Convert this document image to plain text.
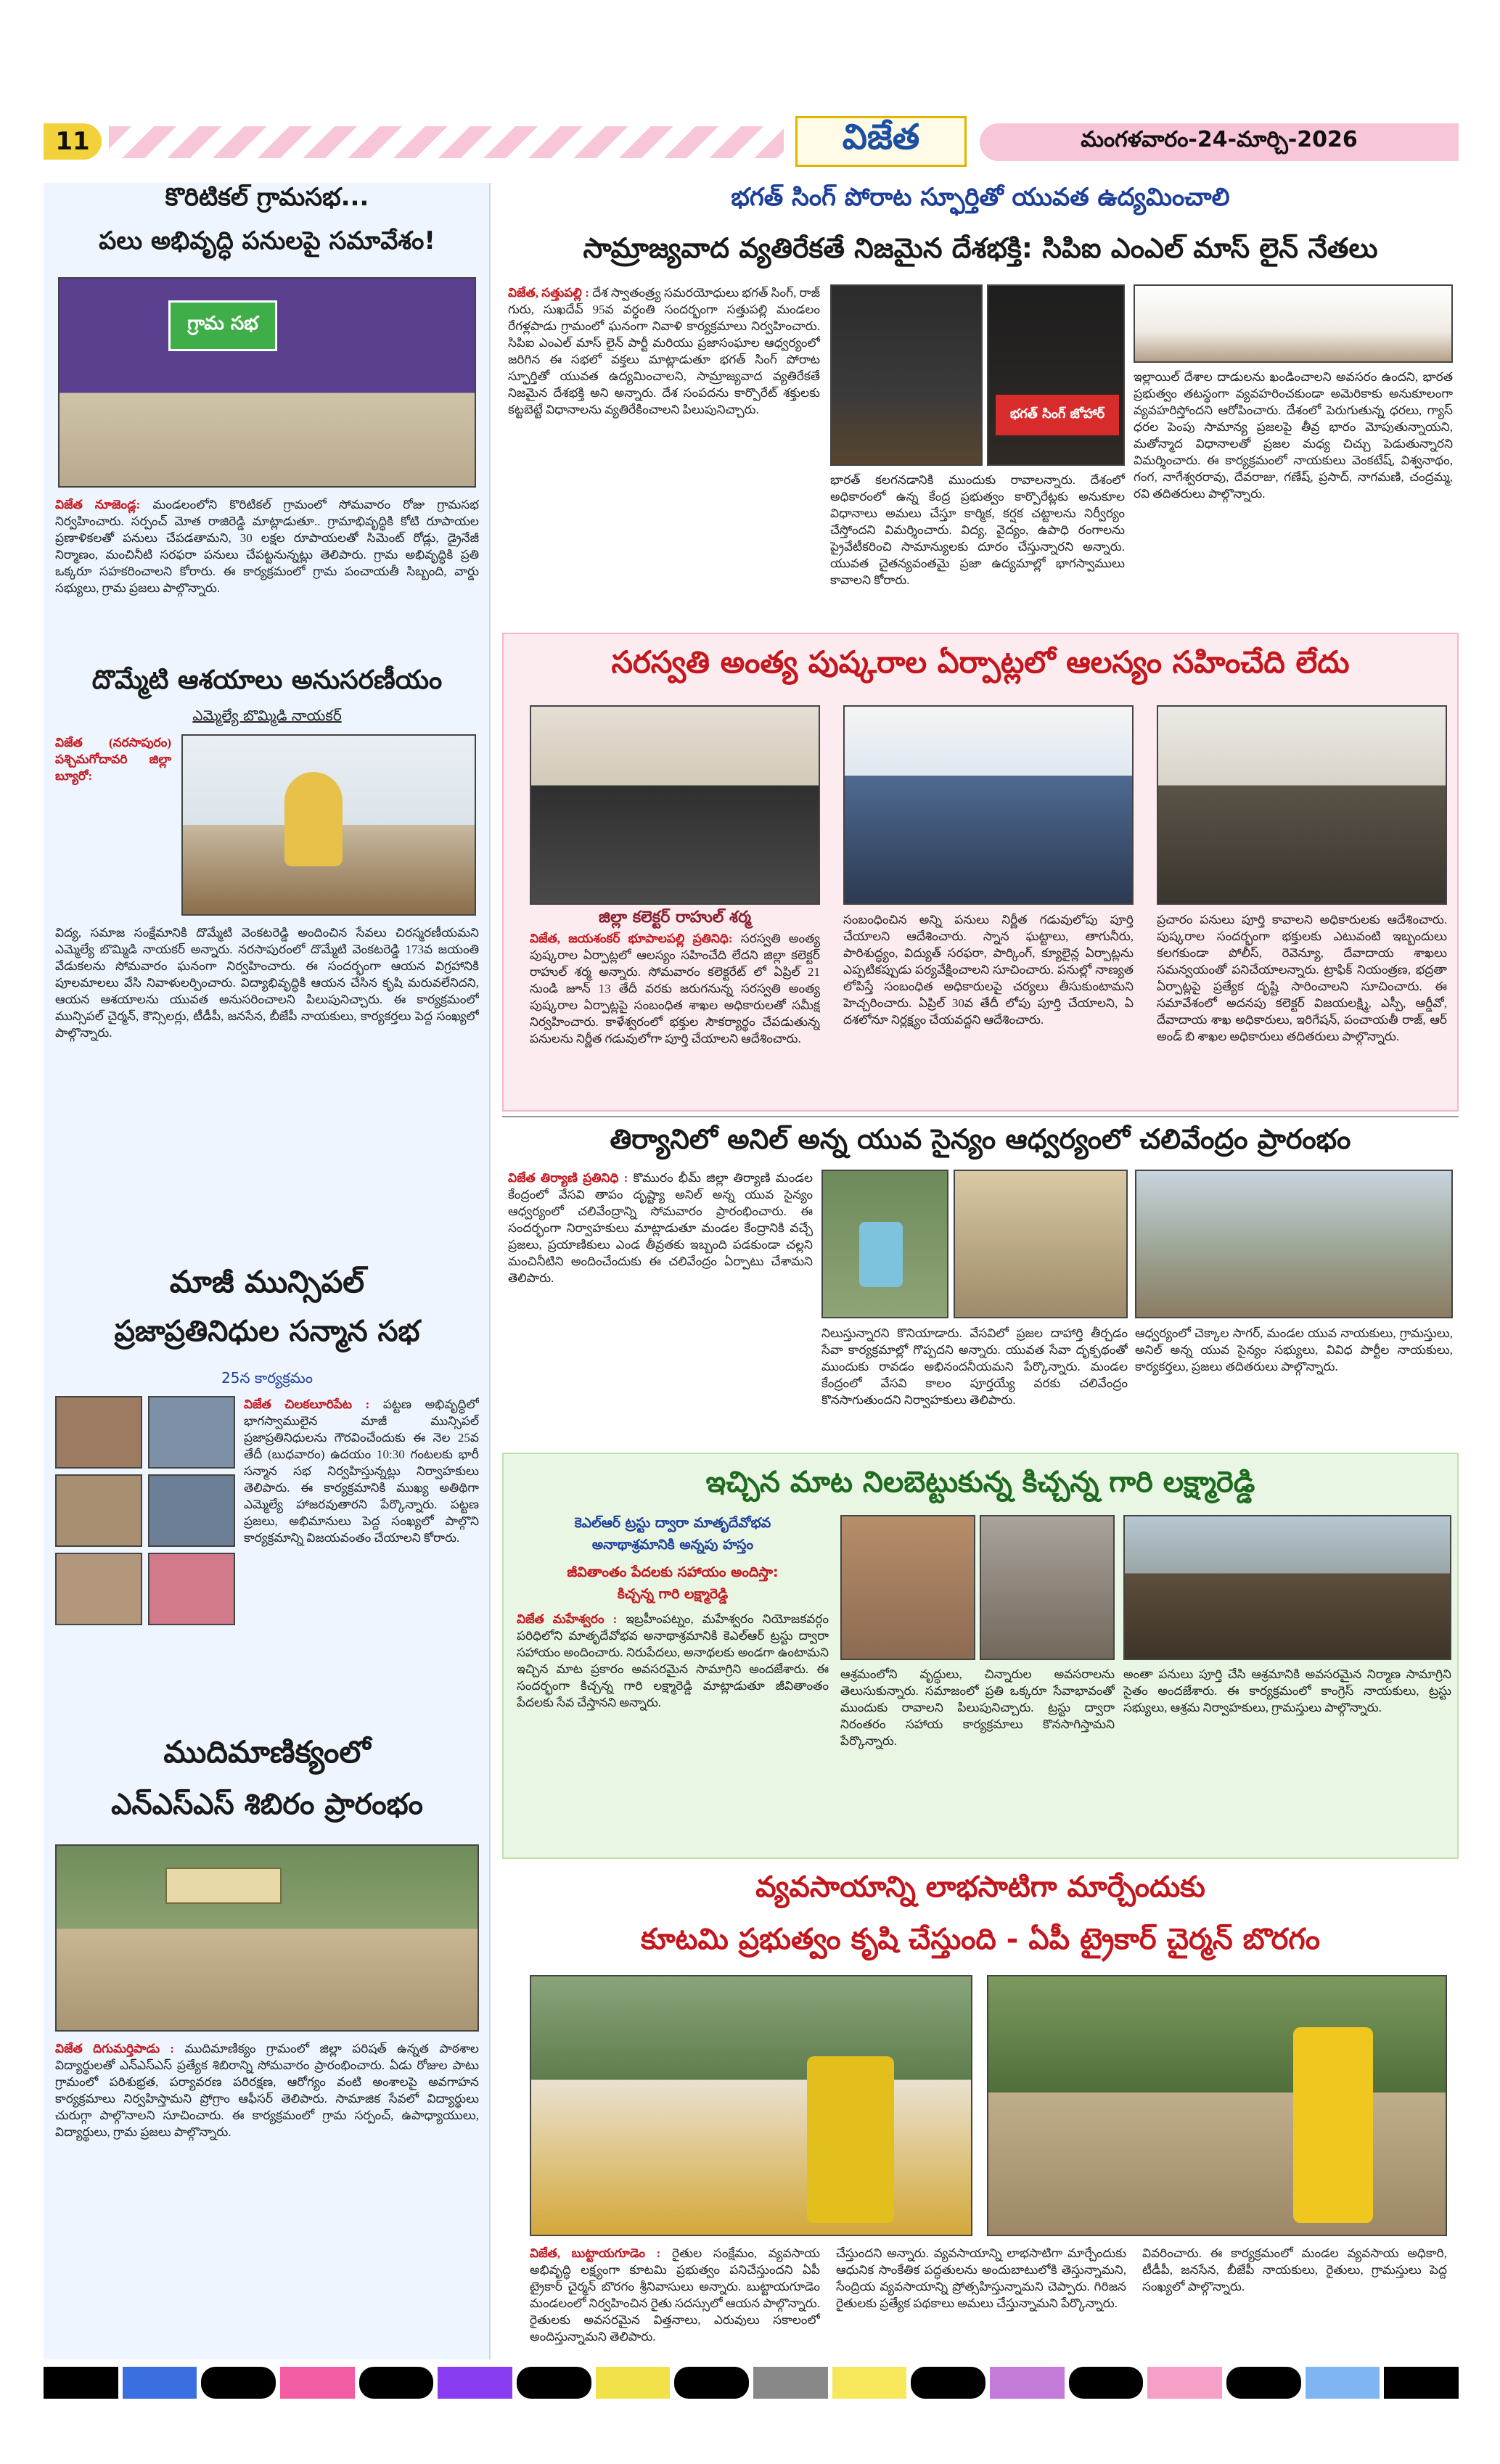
11	విజేత	మంగళవారం-24-మార్చి-2026
కొరిటికల్ గ్రామసభ...
పలు అభివృద్ధి పనులపై సమావేశం!
గ్రామ సభ
విజేత నూజెండ్ల: మండలంలోని కొరిటికల్ గ్రామంలో సోమవారం రోజు గ్రామసభ నిర్వహించారు. సర్పంచ్ మోత రాజిరెడ్డి మాట్లాడుతూ.. గ్రామాభివృద్ధికి కోటి రూపాయల ప్రణాళికలతో పనులు చేపడతామని, 30 లక్షల రూపాయలతో సిమెంట్ రోడ్లు, డ్రైనేజీ నిర్మాణం, మంచినీటి సరఫరా పనులు చేపట్టనున్నట్లు తెలిపారు. గ్రామ అభివృద్ధికి ప్రతి ఒక్కరూ సహకరించాలని కోరారు. ఈ కార్యక్రమంలో గ్రామ పంచాయతీ సిబ్బంది, వార్డు సభ్యులు, గ్రామ ప్రజలు పాల్గొన్నారు.
దొమ్మేటి ఆశయాలు అనుసరణీయం
ఎమ్మెల్యే బొమ్మిడి నాయకర్
విజేత (నరసాపురం) పశ్చిమగోదావరి జిల్లా బ్యూరో:
విద్య, సమాజ సంక్షేమానికి దొమ్మేటి వెంకటరెడ్డి అందించిన సేవలు చిరస్మరణీయమని ఎమ్మెల్యే బొమ్మిడి నాయకర్ అన్నారు. నరసాపురంలో దొమ్మేటి వెంకటరెడ్డి 173వ జయంతి వేడుకలను సోమవారం ఘనంగా నిర్వహించారు. ఈ సందర్భంగా ఆయన విగ్రహానికి పూలమాలలు వేసి నివాళులర్పించారు. విద్యాభివృద్ధికి ఆయన చేసిన కృషి మరువలేనిదని, ఆయన ఆశయాలను యువత అనుసరించాలని పిలుపునిచ్చారు. ఈ కార్యక్రమంలో మున్సిపల్ చైర్మన్, కౌన్సిలర్లు, టీడీపీ, జనసేన, బీజేపీ నాయకులు, కార్యకర్తలు పెద్ద సంఖ్యలో పాల్గొన్నారు.
మాజీ మున్సిపల్
ప్రజాప్రతినిధుల సన్మాన సభ
25న కార్యక్రమం
విజేత చిలకలూరిపేట : పట్టణ అభివృద్ధిలో భాగస్వాములైన మాజీ మున్సిపల్ ప్రజాప్రతినిధులను గౌరవించేందుకు ఈ నెల 25వ తేదీ (బుధవారం) ఉదయం 10:30 గంటలకు భారీ సన్మాన సభ నిర్వహిస్తున్నట్లు నిర్వాహకులు తెలిపారు. ఈ కార్యక్రమానికి ముఖ్య అతిథిగా ఎమ్మెల్యే హాజరవుతారని పేర్కొన్నారు. పట్టణ ప్రజలు, అభిమానులు పెద్ద సంఖ్యలో పాల్గొని కార్యక్రమాన్ని విజయవంతం చేయాలని కోరారు.
ముదిమాణిక్యంలో
ఎన్ఎస్ఎస్ శిబిరం ప్రారంభం
విజేత దిగుమర్తిపాడు : ముదిమాణిక్యం గ్రామంలో జిల్లా పరిషత్ ఉన్నత పాఠశాల విద్యార్థులతో ఎన్ఎస్ఎస్ ప్రత్యేక శిబిరాన్ని సోమవారం ప్రారంభించారు. ఏడు రోజుల పాటు గ్రామంలో పరిశుభ్రత, పర్యావరణ పరిరక్షణ, ఆరోగ్యం వంటి అంశాలపై అవగాహన కార్యక్రమాలు నిర్వహిస్తామని ప్రోగ్రాం ఆఫీసర్ తెలిపారు. సామాజిక సేవలో విద్యార్థులు చురుగ్గా పాల్గొనాలని సూచించారు. ఈ కార్యక్రమంలో గ్రామ సర్పంచ్, ఉపాధ్యాయులు, విద్యార్థులు, గ్రామ ప్రజలు పాల్గొన్నారు.
భగత్ సింగ్ పోరాట స్ఫూర్తితో యువత ఉద్యమించాలి
సామ్రాజ్యవాద వ్యతిరేకతే నిజమైన దేశభక్తి: సిపిఐ ఎంఎల్ మాస్ లైన్ నేతలు
విజేత, సత్తుపల్లి : దేశ స్వాతంత్ర్య సమరయోధులు భగత్ సింగ్, రాజ్ గురు, సుఖదేవ్ 95వ వర్ధంతి సందర్భంగా సత్తుపల్లి మండలం రేగళ్లపాడు గ్రామంలో ఘనంగా నివాళి కార్యక్రమాలు నిర్వహించారు. సిపిఐ ఎంఎల్ మాస్ లైన్ పార్టీ మరియు ప్రజాసంఘాల ఆధ్వర్యంలో జరిగిన ఈ సభలో వక్తలు మాట్లాడుతూ భగత్ సింగ్ పోరాట స్ఫూర్తితో యువత ఉద్యమించాలని, సామ్రాజ్యవాద వ్యతిరేకతే నిజమైన దేశభక్తి అని అన్నారు. దేశ సంపదను కార్పొరేట్ శక్తులకు కట్టబెట్టే విధానాలను వ్యతిరేకించాలని పిలుపునిచ్చారు.	భగత్ సింగ్ జోహార్
భారత్ కలగనడానికి ముందుకు రావాలన్నారు. దేశంలో అధికారంలో ఉన్న కేంద్ర ప్రభుత్వం కార్పొరేట్లకు అనుకూల విధానాలు అమలు చేస్తూ కార్మిక, కర్షక చట్టాలను నిర్వీర్యం చేస్తోందని విమర్శించారు. విద్య, వైద్యం, ఉపాధి రంగాలను ప్రైవేటీకరించి సామాన్యులకు దూరం చేస్తున్నారని అన్నారు. యువత చైతన్యవంతమై ప్రజా ఉద్యమాల్లో భాగస్వాములు కావాలని కోరారు.
ఇల్లాయిల్ దేశాల దాడులను ఖండించాలని అవసరం ఉందని, భారత ప్రభుత్వం తటస్థంగా వ్యవహరించకుండా అమెరికాకు అనుకూలంగా వ్యవహరిస్తోందని ఆరోపించారు. దేశంలో పెరుగుతున్న ధరలు, గ్యాస్ ధరల పెంపు సామాన్య ప్రజలపై తీవ్ర భారం మోపుతున్నాయని, మతోన్మాద విధానాలతో ప్రజల మధ్య చిచ్చు పెడుతున్నారని విమర్శించారు. ఈ కార్యక్రమంలో నాయకులు వెంకటేష్, విశ్వనాథం, గంగ, నాగేశ్వరరావు, దేవరాజు, గణేష్, ప్రసాద్, నాగమణి, చంద్రమ్మ, రవి తదితరులు పాల్గొన్నారు.
సరస్వతి అంత్య పుష్కరాల ఏర్పాట్లలో ఆలస్యం సహించేది లేదు
జిల్లా కలెక్టర్ రాహుల్ శర్మ
విజేత, జయశంకర్ భూపాలపల్లి ప్రతినిధి: సరస్వతి అంత్య పుష్కరాల ఏర్పాట్లలో ఆలస్యం సహించేది లేదని జిల్లా కలెక్టర్ రాహుల్ శర్మ అన్నారు. సోమవారం కలెక్టరేట్ లో ఏప్రిల్ 21 నుండి జూన్ 13 తేదీ వరకు జరుగనున్న సరస్వతి అంత్య పుష్కరాల ఏర్పాట్లపై సంబంధిత శాఖల అధికారులతో సమీక్ష నిర్వహించారు. కాళేశ్వరంలో భక్తుల సౌకర్యార్థం చేపడుతున్న పనులను నిర్ణీత గడువులోగా పూర్తి చేయాలని ఆదేశించారు.
సంబంధించిన అన్ని పనులు నిర్ణీత గడువులోపు పూర్తి చేయాలని ఆదేశించారు. స్నాన ఘట్టాలు, తాగునీరు, పారిశుద్ధ్యం, విద్యుత్ సరఫరా, పార్కింగ్, క్యూలైన్ల ఏర్పాట్లను ఎప్పటికప్పుడు పర్యవేక్షించాలని సూచించారు. పనుల్లో నాణ్యత లోపిస్తే సంబంధిత అధికారులపై చర్యలు తీసుకుంటామని హెచ్చరించారు. ఏప్రిల్ 30వ తేదీ లోపు పూర్తి చేయాలని, ఏ దశలోనూ నిర్లక్ష్యం చేయవద్దని ఆదేశించారు.
ప్రచారం పనులు పూర్తి కావాలని అధికారులకు ఆదేశించారు. పుష్కరాల సందర్భంగా భక్తులకు ఎటువంటి ఇబ్బందులు కలగకుండా పోలీస్, రెవెన్యూ, దేవాదాయ శాఖలు సమన్వయంతో పనిచేయాలన్నారు. ట్రాఫిక్ నియంత్రణ, భద్రతా ఏర్పాట్లపై ప్రత్యేక దృష్టి సారించాలని సూచించారు. ఈ సమావేశంలో అదనపు కలెక్టర్ విజయలక్ష్మి, ఎస్పీ, ఆర్డీవో, దేవాదాయ శాఖ అధికారులు, ఇరిగేషన్, పంచాయతీ రాజ్, ఆర్ అండ్ బి శాఖల అధికారులు తదితరులు పాల్గొన్నారు.
తిర్యానిలో అనిల్ అన్న యువ సైన్యం ఆధ్వర్యంలో చలివేంద్రం ప్రారంభం
విజేత తిర్యాణి ప్రతినిధి : కొమురం భీమ్ జిల్లా తిర్యాణి మండల కేంద్రంలో వేసవి తాపం దృష్ట్యా అనిల్ అన్న యువ సైన్యం ఆధ్వర్యంలో చలివేంద్రాన్ని సోమవారం ప్రారంభించారు. ఈ సందర్భంగా నిర్వాహకులు మాట్లాడుతూ మండల కేంద్రానికి వచ్చే ప్రజలు, ప్రయాణికులు ఎండ తీవ్రతకు ఇబ్బంది పడకుండా చల్లని మంచినీటిని అందించేందుకు ఈ చలివేంద్రం ఏర్పాటు చేశామని తెలిపారు.
నిలుస్తున్నారని కొనియాడారు. వేసవిలో ప్రజల దాహార్తి తీర్చడం సేవా కార్యక్రమాల్లో గొప్పదని అన్నారు. యువత సేవా దృక్పథంతో ముందుకు రావడం అభినందనీయమని పేర్కొన్నారు. మండల కేంద్రంలో వేసవి కాలం పూర్తయ్యే వరకు చలివేంద్రం కొనసాగుతుందని నిర్వాహకులు తెలిపారు.
ఆధ్వర్యంలో చెక్కాల సాగర్, మండల యువ నాయకులు, గ్రామస్తులు, అనిల్ అన్న యువ సైన్యం సభ్యులు, వివిధ పార్టీల నాయకులు, కార్యకర్తలు, ప్రజలు తదితరులు పాల్గొన్నారు.
ఇచ్చిన మాట నిలబెట్టుకున్న కిచ్చన్న గారి లక్ష్మారెడ్డి
కెఎల్ఆర్ ట్రస్టు ద్వారా మాతృదేవోభవ
అనాథాశ్రమానికి అన్నపు హస్తం
జీవితాంతం పేదలకు సహాయం అందిస్తా:
కిచ్చన్న గారి లక్ష్మారెడ్డి
విజేత మహేశ్వరం : ఇబ్రహీంపట్నం, మహేశ్వరం నియోజకవర్గం పరిధిలోని మాతృదేవోభవ అనాథాశ్రమానికి కెఎల్ఆర్ ట్రస్టు ద్వారా సహాయం అందించారు. నిరుపేదలు, అనాథలకు అండగా ఉంటామని ఇచ్చిన మాట ప్రకారం అవసరమైన సామాగ్రిని అందజేశారు. ఈ సందర్భంగా కిచ్చన్న గారి లక్ష్మారెడ్డి మాట్లాడుతూ జీవితాంతం పేదలకు సేవ చేస్తానని అన్నారు.
ఆశ్రమంలోని వృద్ధులు, చిన్నారుల అవసరాలను తెలుసుకున్నారు. సమాజంలో ప్రతి ఒక్కరూ సేవాభావంతో ముందుకు రావాలని పిలుపునిచ్చారు. ట్రస్టు ద్వారా నిరంతరం సహాయ కార్యక్రమాలు కొనసాగిస్తామని పేర్కొన్నారు.
అంతా పనులు పూర్తి చేసి ఆశ్రమానికి అవసరమైన నిర్మాణ సామాగ్రిని సైతం అందజేశారు. ఈ కార్యక్రమంలో కాంగ్రెస్ నాయకులు, ట్రస్టు సభ్యులు, ఆశ్రమ నిర్వాహకులు, గ్రామస్తులు పాల్గొన్నారు.
వ్యవసాయాన్ని లాభసాటిగా మార్చేందుకు
కూటమి ప్రభుత్వం కృషి చేస్తుంది - ఏపీ ట్రైకార్ చైర్మన్ బొరగం
విజేత, బుట్టాయగూడెం : రైతుల సంక్షేమం, వ్యవసాయ అభివృద్ధి లక్ష్యంగా కూటమి ప్రభుత్వం పనిచేస్తుందని ఏపీ ట్రైకార్ చైర్మన్ బొరగం శ్రీనివాసులు అన్నారు. బుట్టాయగూడెం మండలంలో నిర్వహించిన రైతు సదస్సులో ఆయన పాల్గొన్నారు. రైతులకు అవసరమైన విత్తనాలు, ఎరువులు సకాలంలో అందిస్తున్నామని తెలిపారు.
చేస్తుందని అన్నారు. వ్యవసాయాన్ని లాభసాటిగా మార్చేందుకు ఆధునిక సాంకేతిక పద్ధతులను అందుబాటులోకి తెస్తున్నామని, సేంద్రియ వ్యవసాయాన్ని ప్రోత్సహిస్తున్నామని చెప్పారు. గిరిజన రైతులకు ప్రత్యేక పథకాలు అమలు చేస్తున్నామని పేర్కొన్నారు.
వివరించారు. ఈ కార్యక్రమంలో మండల వ్యవసాయ అధికారి, టీడీపీ, జనసేన, బీజేపీ నాయకులు, రైతులు, గ్రామస్తులు పెద్ద సంఖ్యలో పాల్గొన్నారు.
